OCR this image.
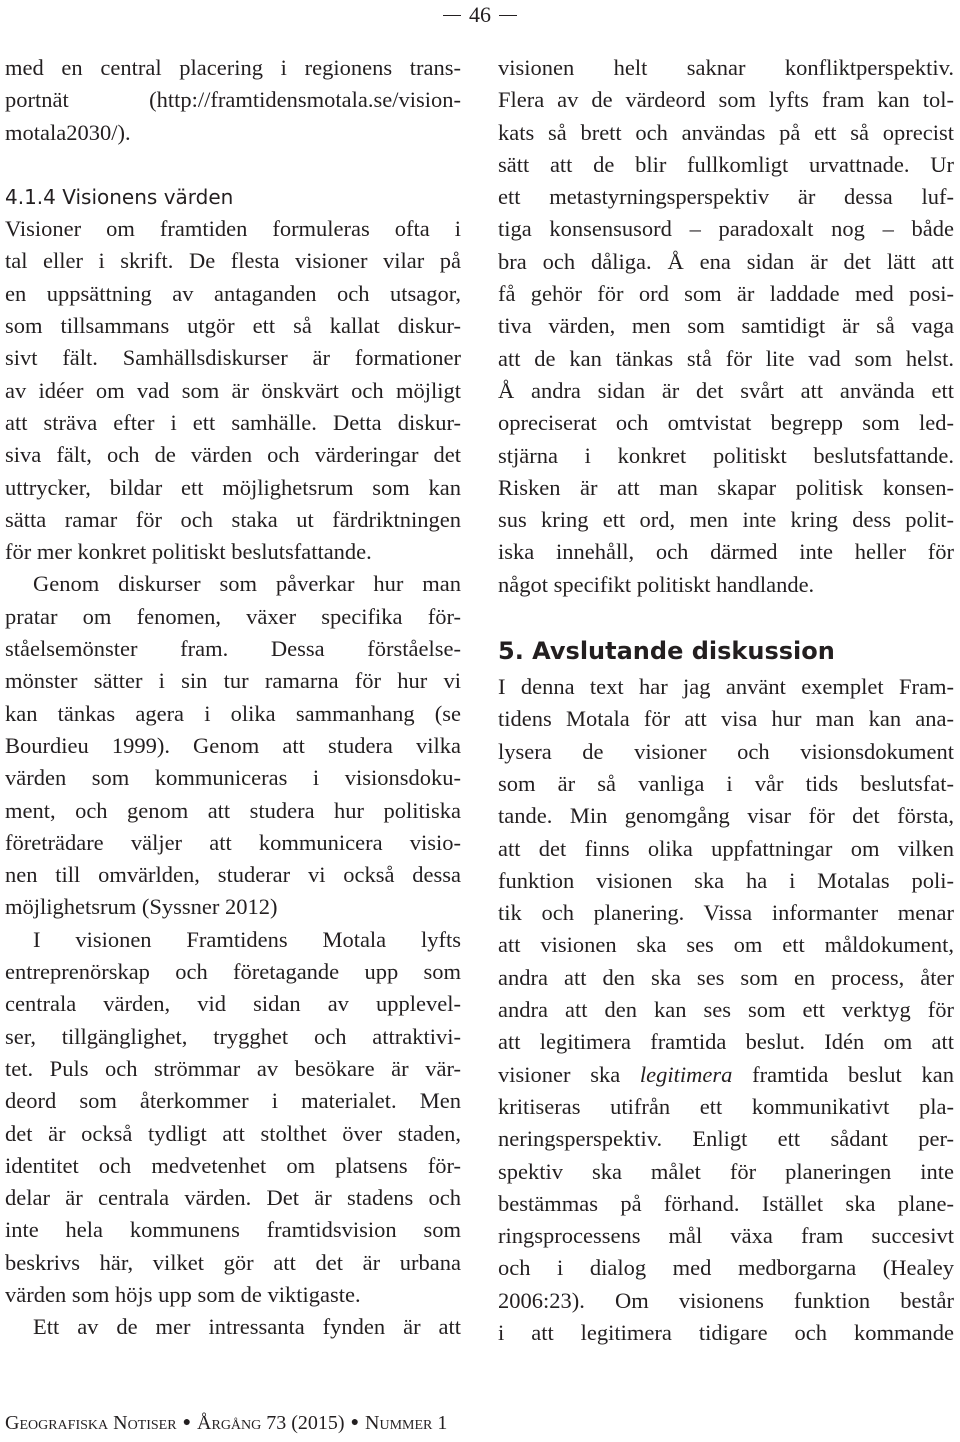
46
med en central placering i regionens trans-
portnät (http://framtidensmotala.se/vision-
motala2030/).
4.1.4 Visionens värden
Visioner om framtiden formuleras ofta i
tal eller i skrift. De flesta visioner vilar på
en uppsättning av antaganden och utsagor,
som tillsammans utgör ett så kallat diskur-
sivt fält. Samhällsdiskurser är formationer
av idéer om vad som är önskvärt och möjligt
att sträva efter i ett samhälle. Detta diskur-
siva fält, och de värden och värderingar det
uttrycker, bildar ett möjlighetsrum som kan
sätta ramar för och staka ut färdriktningen
för mer konkret politiskt beslutsfattande.
Genom diskurser som påverkar hur man
pratar om fenomen, växer specifika för-
ståelsemönster fram. Dessa förståelse-
mönster sätter i sin tur ramarna för hur vi
kan tänkas agera i olika sammanhang (se
Bourdieu 1999). Genom att studera vilka
värden som kommuniceras i visionsdoku-
ment, och genom att studera hur politiska
företrädare väljer att kommunicera visio-
nen till omvärlden, studerar vi också dessa
möjlighetsrum (Syssner 2012)
I visionen Framtidens Motala lyfts
entreprenörskap och företagande upp som
centrala värden, vid sidan av upplevel-
ser, tillgänglighet, trygghet och attraktivi-
tet. Puls och strömmar av besökare är vär-
deord som återkommer i materialet. Men
det är också tydligt att stolthet över staden,
identitet och medvetenhet om platsens för-
delar är centrala värden. Det är stadens och
inte hela kommunens framtidsvision som
beskrivs här, vilket gör att det är urbana
värden som höjs upp som de viktigaste.
Ett av de mer intressanta fynden är att
visionen helt saknar konfliktperspektiv.
Flera av de värdeord som lyfts fram kan tol-
kats så brett och användas på ett så oprecist
sätt att de blir fullkomligt urvattnade. Ur
ett metastyrningsperspektiv är dessa luf-
tiga konsensusord – paradoxalt nog – både
bra och dåliga. Å ena sidan är det lätt att
få gehör för ord som är laddade med posi-
tiva värden, men som samtidigt är så vaga
att de kan tänkas stå för lite vad som helst.
Å andra sidan är det svårt att använda ett
opreciserat och omtvistat begrepp som led-
stjärna i konkret politiskt beslutsfattande.
Risken är att man skapar politisk konsen-
sus kring ett ord, men inte kring dess polit-
iska innehåll, och därmed inte heller för
något specifikt politiskt handlande.
5. Avslutande diskussion
I denna text har jag använt exemplet Fram-
tidens Motala för att visa hur man kan ana-
lysera de visioner och visionsdokument
som är så vanliga i vår tids beslutsfat-
tande. Min genomgång visar för det första,
att det finns olika uppfattningar om vilken
funktion visionen ska ha i Motalas poli-
tik och planering. Vissa informanter menar
att visionen ska ses om ett måldokument,
andra att den ska ses som en process, åter
andra att den kan ses som ett verktyg för
att legitimera framtida beslut. Idén om att
visioner ska legitimera framtida beslut kan
kritiseras utifrån ett kommunikativt pla-
neringsperspektiv. Enligt ett sådant per-
spektiv ska målet för planeringen inte
bestämmas på förhand. Istället ska plane-
ringsprocessens mål växa fram succesivt
och i dialog med medborgarna (Healey
2006:23). Om visionens funktion består
i att legitimera tidigare och kommande
Geografiska Notiser ● Årgång 73 (2015) ● Nummer 1
